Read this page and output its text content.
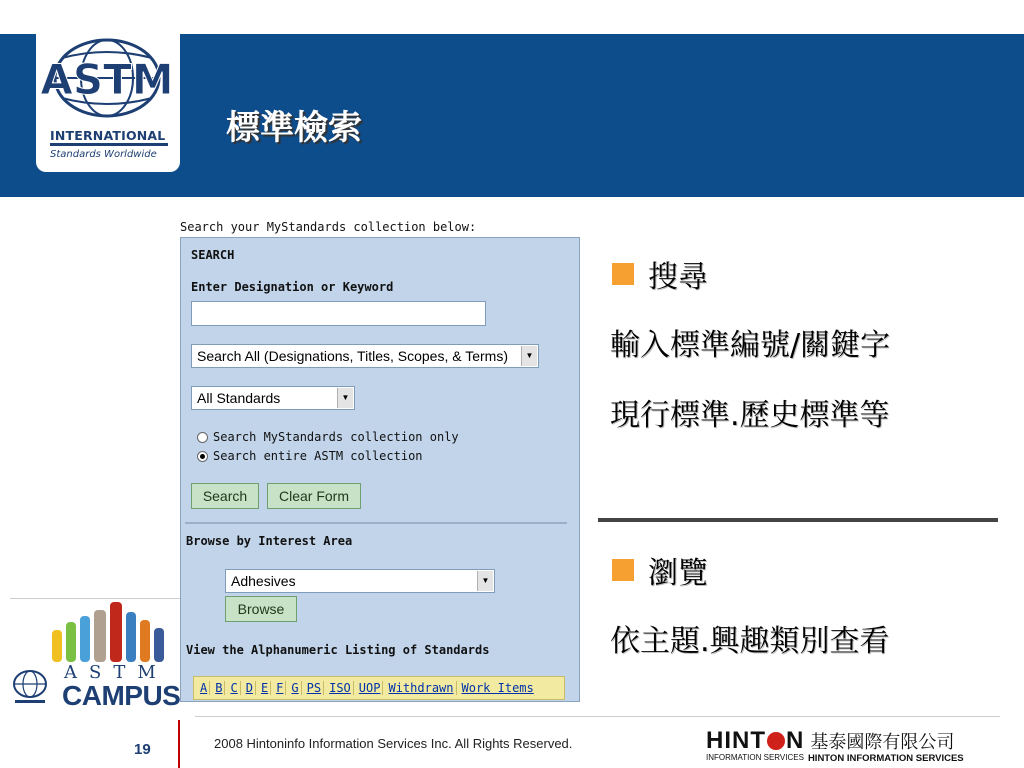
ASTM
INTERNATIONAL
Standards Worldwide
標準檢索
Search your MyStandards collection below:
SEARCH
Enter Designation or Keyword
Search All (Designations, Titles, Scopes, & Terms)	▼
All Standards	▼
Search MyStandards collection only
Search entire ASTM collection
Search	Clear Form
Browse by Interest Area
Adhesives	▼
Browse
View the Alphanumeric Listing of Standards
A B C D E F G PS ISO UOP Withdrawn Work Items
搜尋
輸入標準編號/關鍵字
現行標準.歷史標準等
瀏覽
依主題.興趣類別查看
ASTM
CAMPUS
19	2008 Hintoninfo Information Services Inc. All Rights Reserved.	HINT N 基泰國際有限公司
INFORMATION SERVICES HINTON INFORMATION SERVICES
